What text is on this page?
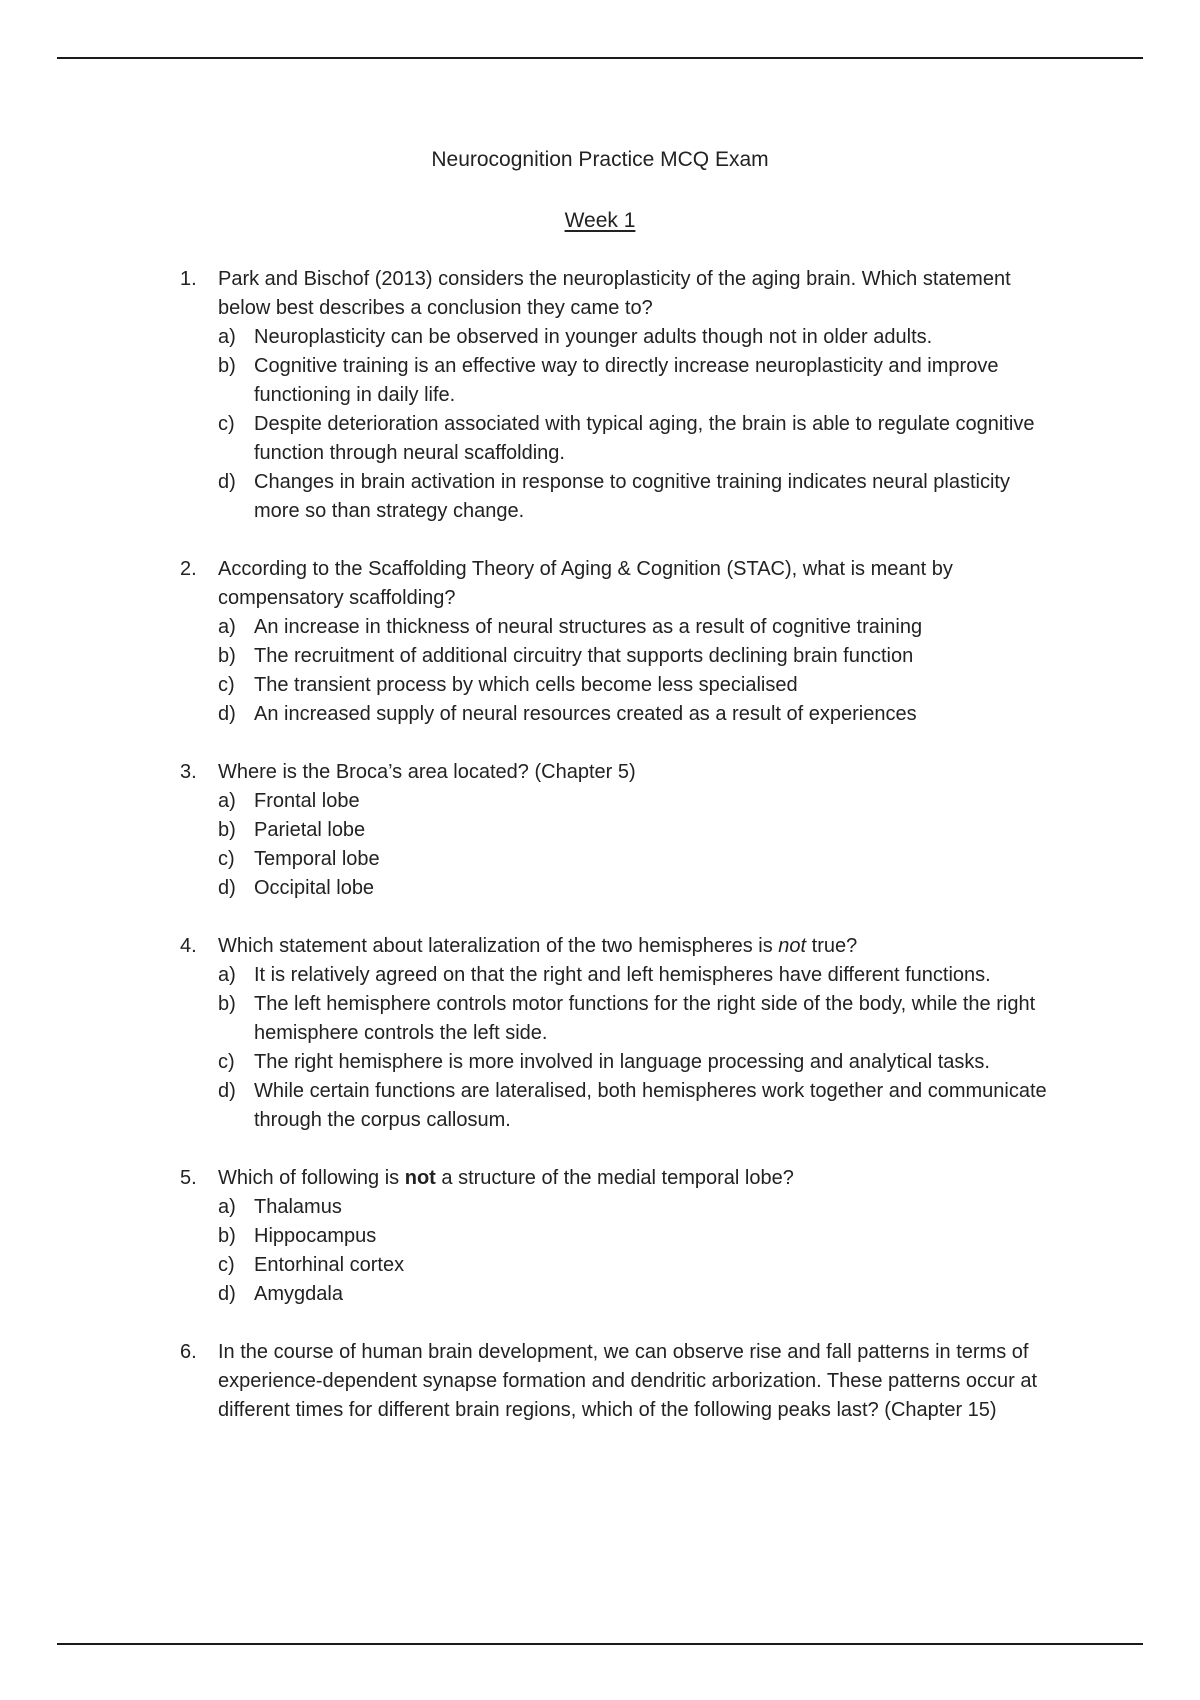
Neurocognition Practice MCQ Exam

Week 1

1. Park and Bischof (2013) considers the neuroplasticity of the aging brain. Which statement below best describes a conclusion they came to?
a) Neuroplasticity can be observed in younger adults though not in older adults.
b) Cognitive training is an effective way to directly increase neuroplasticity and improve functioning in daily life.
c) Despite deterioration associated with typical aging, the brain is able to regulate cognitive function through neural scaffolding.
d) Changes in brain activation in response to cognitive training indicates neural plasticity more so than strategy change.
2. According to the Scaffolding Theory of Aging & Cognition (STAC), what is meant by compensatory scaffolding?
a) An increase in thickness of neural structures as a result of cognitive training
b) The recruitment of additional circuitry that supports declining brain function
c) The transient process by which cells become less specialised
d) An increased supply of neural resources created as a result of experiences
3. Where is the Broca’s area located? (Chapter 5)
a) Frontal lobe
b) Parietal lobe
c) Temporal lobe
d) Occipital lobe
4. Which statement about lateralization of the two hemispheres is not true?
a) It is relatively agreed on that the right and left hemispheres have different functions.
b) The left hemisphere controls motor functions for the right side of the body, while the right hemisphere controls the left side.
c) The right hemisphere is more involved in language processing and analytical tasks.
d) While certain functions are lateralised, both hemispheres work together and communicate through the corpus callosum.
5. Which of following is not a structure of the medial temporal lobe?
a) Thalamus
b) Hippocampus
c) Entorhinal cortex
d) Amygdala
6. In the course of human brain development, we can observe rise and fall patterns in terms of experience-dependent synapse formation and dendritic arborization. These patterns occur at different times for different brain regions, which of the following peaks last? (Chapter 15)
